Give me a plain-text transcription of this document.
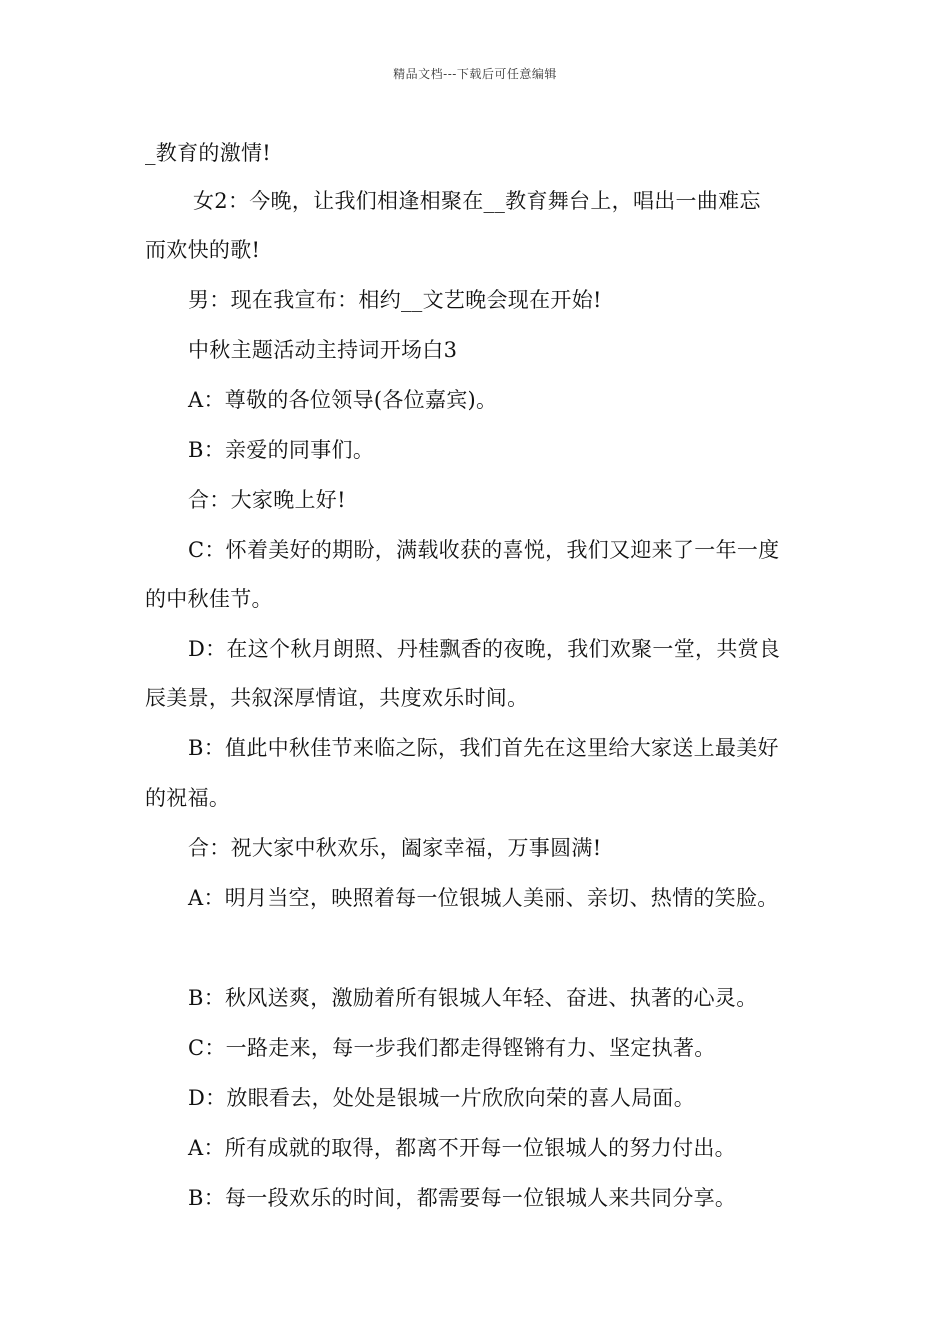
精品文档---下载后可任意编辑
_教育的激情!
女2：今晚，让我们相逢相聚在__教育舞台上，唱出一曲难忘
而欢快的歌!
男：现在我宣布：相约__文艺晚会现在开始!
中秋主题活动主持词开场白3
A：尊敬的各位领导(各位嘉宾)。
B：亲爱的同事们。
合：大家晚上好!
C：怀着美好的期盼，满载收获的喜悦，我们又迎来了一年一度
的中秋佳节。
D：在这个秋月朗照、丹桂飘香的夜晚，我们欢聚一堂，共赏良
辰美景，共叙深厚情谊，共度欢乐时间。
B：值此中秋佳节来临之际，我们首先在这里给大家送上最美好
的祝福。
合：祝大家中秋欢乐，阖家幸福，万事圆满!
A：明月当空，映照着每一位银城人美丽、亲切、热情的笑脸。
B：秋风送爽，激励着所有银城人年轻、奋进、执著的心灵。
C：一路走来，每一步我们都走得铿锵有力、坚定执著。
D：放眼看去，处处是银城一片欣欣向荣的喜人局面。
A：所有成就的取得，都离不开每一位银城人的努力付出。
B：每一段欢乐的时间，都需要每一位银城人来共同分享。
